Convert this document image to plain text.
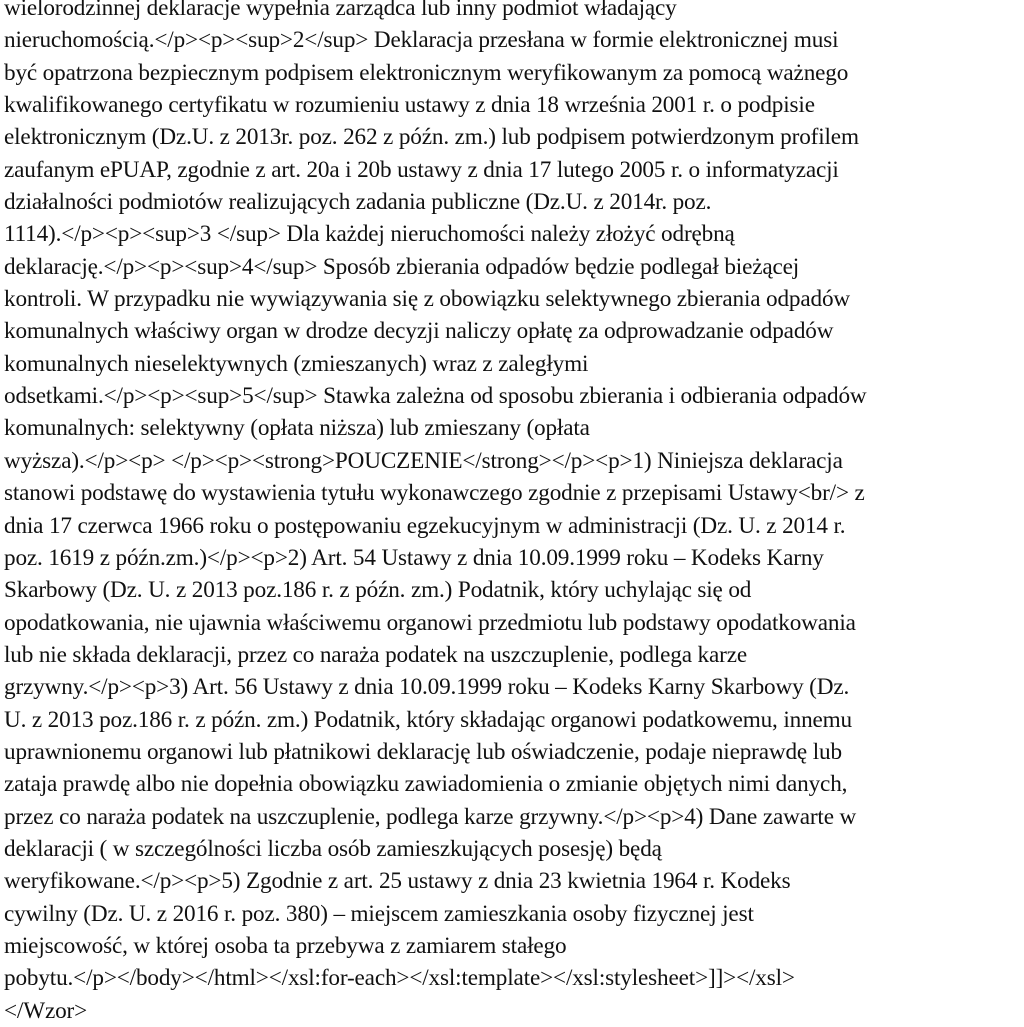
wielorodzinnej deklaracje wypełnia zarządca lub inny podmiot władający
nieruchomością.</p><p><sup>2</sup> Deklaracja przesłana w formie elektronicznej musi
być opatrzona bezpiecznym podpisem elektronicznym weryfikowanym za pomocą ważnego
kwalifikowanego certyfikatu w rozumieniu ustawy z dnia 18 września 2001 r. o podpisie
elektronicznym (Dz.U. z 2013r. poz. 262 z późn. zm.) lub podpisem potwierdzonym profilem
zaufanym ePUAP, zgodnie z art. 20a i 20b ustawy z dnia 17 lutego 2005 r. o informatyzacji
działalności podmiotów realizujących zadania publiczne (Dz.U. z 2014r. poz.
1114).</p><p><sup>3 </sup> Dla każdej nieruchomości należy złożyć odrębną
deklarację.</p><p><sup>4</sup> Sposób zbierania odpadów będzie podlegał bieżącej
kontroli. W przypadku nie wywiązywania się z obowiązku selektywnego zbierania odpadów
komunalnych właściwy organ w drodze decyzji naliczy opłatę za odprowadzanie odpadów
komunalnych nieselektywnych (zmieszanych) wraz z zaległymi
odsetkami.</p><p><sup>5</sup> Stawka zależna od sposobu zbierania i odbierania odpadów
komunalnych: selektywny (opłata niższa) lub zmieszany (opłata
wyższa).</p><p> </p><p><strong>POUCZENIE</strong></p><p>1) Niniejsza deklaracja
stanowi podstawę do wystawienia tytułu wykonawczego zgodnie z przepisami Ustawy<br/> z
dnia 17 czerwca 1966 roku o postępowaniu egzekucyjnym w administracji (Dz. U. z 2014 r.
poz. 1619 z późn.zm.)</p><p>2) Art. 54 Ustawy z dnia 10.09.1999 roku – Kodeks Karny
Skarbowy (Dz. U. z 2013 poz.186 r. z późn. zm.) Podatnik, który uchylając się od
opodatkowania, nie ujawnia właściwemu organowi przedmiotu lub podstawy opodatkowania
lub nie składa deklaracji, przez co naraża podatek na uszczuplenie, podlega karze
grzywny.</p><p>3) Art. 56 Ustawy z dnia 10.09.1999 roku – Kodeks Karny Skarbowy (Dz.
U. z 2013 poz.186 r. z późn. zm.) Podatnik, który składając organowi podatkowemu, innemu
uprawnionemu organowi lub płatnikowi deklarację lub oświadczenie, podaje nieprawdę lub
zataja prawdę albo nie dopełnia obowiązku zawiadomienia o zmianie objętych nimi danych,
przez co naraża podatek na uszczuplenie, podlega karze grzywny.</p><p>4) Dane zawarte w
deklaracji ( w szczególności liczba osób zamieszkujących posesję) będą
weryfikowane.</p><p>5) Zgodnie z art. 25 ustawy z dnia 23 kwietnia 1964 r. Kodeks
cywilny (Dz. U. z 2016 r. poz. 380) – miejscem zamieszkania osoby fizycznej jest
miejscowość, w której osoba ta przebywa z zamiarem stałego
pobytu.</p></body></html></xsl:for-each></xsl:template></xsl:stylesheet>]]></xsl>
</Wzor>
